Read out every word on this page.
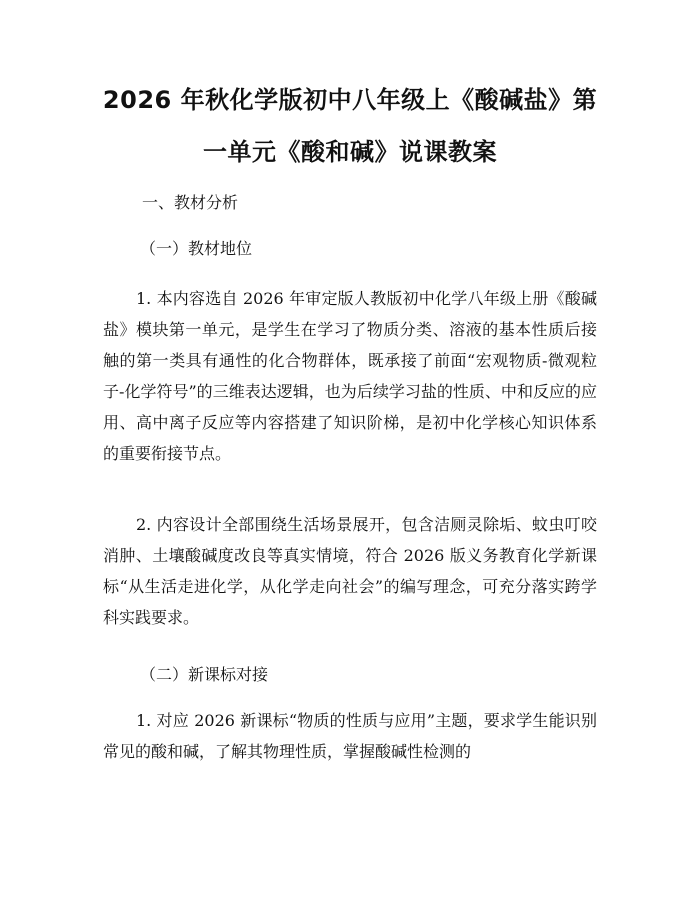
2026 年秋化学版初中八年级上《酸碱盐》第
一单元《酸和碱》说课教案

一、教材分析

（一）教材地位

1. 本内容选自 2026 年审定版人教版初中化学八年级上册《酸碱盐》模块第一单元，是学生在学习了物质分类、溶液的基本性质后接触的第一类具有通性的化合物群体，既承接了前面“宏观物质-微观粒子-化学符号”的三维表达逻辑，也为后续学习盐的性质、中和反应的应用、高中离子反应等内容搭建了知识阶梯，是初中化学核心知识体系的重要衔接节点。

2. 内容设计全部围绕生活场景展开，包含洁厕灵除垢、蚊虫叮咬消肿、土壤酸碱度改良等真实情境，符合 2026 版义务教育化学新课标“从生活走进化学，从化学走向社会”的编写理念，可充分落实跨学科实践要求。

（二）新课标对接

1. 对应 2026 新课标“物质的性质与应用”主题，要求学生能识别常见的酸和碱，了解其物理性质，掌握酸碱性检测的
